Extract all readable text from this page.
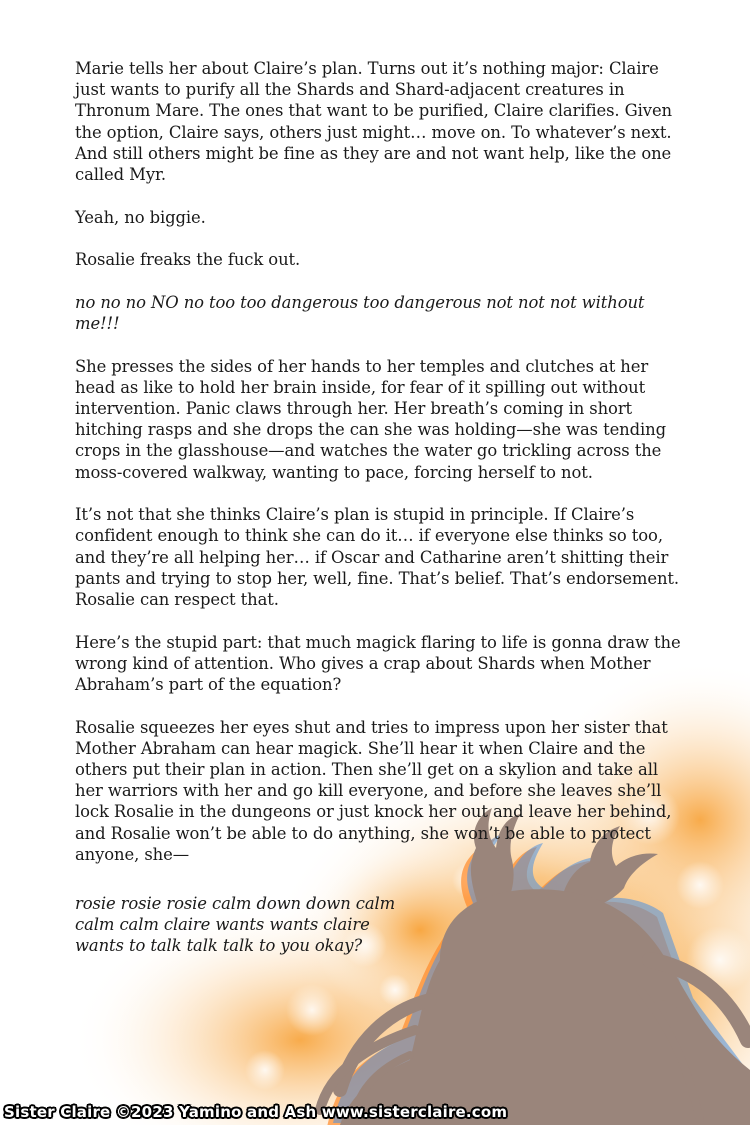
Marie tells her about Claire’s plan. Turns out it’s nothing major: Claire just wants to purify all the Shards and Shard-adjacent creatures in Thronum Mare. The ones that want to be purified, Claire clarifies. Given the option, Claire says, others just might… move on. To whatever’s next. And still others might be fine as they are and not want help, like the one called Myr.

Yeah, no biggie.

Rosalie freaks the fuck out.

no no no NO no too too dangerous too dangerous not not not without me!!!

She presses the sides of her hands to her temples and clutches at her head as like to hold her brain inside, for fear of it spilling out without intervention. Panic claws through her. Her breath’s coming in short hitching rasps and she drops the can she was holding—she was tending crops in the glasshouse—and watches the water go trickling across the moss-covered walkway, wanting to pace, forcing herself to not.

It’s not that she thinks Claire’s plan is stupid in principle. If Claire’s confident enough to think she can do it… if everyone else thinks so too, and they’re all helping her… if Oscar and Catharine aren’t shitting their pants and trying to stop her, well, fine. That’s belief. That’s endorsement. Rosalie can respect that.

Here’s the stupid part: that much magick flaring to life is gonna draw the wrong kind of attention. Who gives a crap about Shards when Mother Abraham’s part of the equation?

Rosalie squeezes her eyes shut and tries to impress upon her sister that Mother Abraham can hear magick. She’ll hear it when Claire and the others put their plan in action. Then she’ll get on a skylion and take all her warriors with her and go kill everyone, and before she leaves she’ll lock Rosalie in the dungeons or just knock her out and leave her behind, and Rosalie won’t be able to do anything, she won’t be able to protect anyone, she—

rosie rosie rosie calm down down calm
calm calm claire wants wants claire
wants to talk talk talk to you okay?

Sister Claire ©2023 Yamino and Ash www.sisterclaire.com
